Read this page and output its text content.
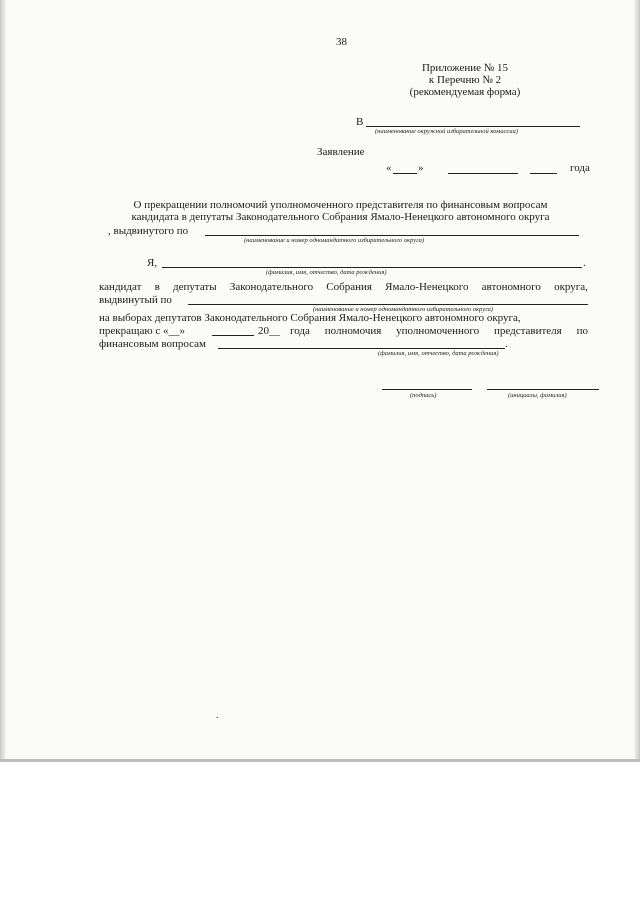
38
Приложение № 15
к Перечню № 2
(рекомендуемая форма)
В
(наименование окружной избирательной комиссии)
Заявление
« »	года
О прекращении полномочий уполномоченного представителя по финансовым вопросам
кандидата в депутаты Законодательного Собрания Ямало-Ненецкого автономного округа
, выдвинутого по
(наименование и номер одномандатного избирательного округа)
Я,	.
(фамилия, имя, отчество, дата рождения)
кандидат в депутаты Законодательного Собрания Ямало-Ненецкого автономного округа,
выдвинутый по
(наименование и номер одномандатного избирательного округа)
на выборах депутатов Законодательного Собрания Ямало-Ненецкого автономного округа,
прекращаю с «__»	20__ года полномочия уполномоченного представителя по
финансовым вопросам	.
(фамилия, имя, отчество, дата рождения)
(подпись)	(инициалы, фамилия)
.
